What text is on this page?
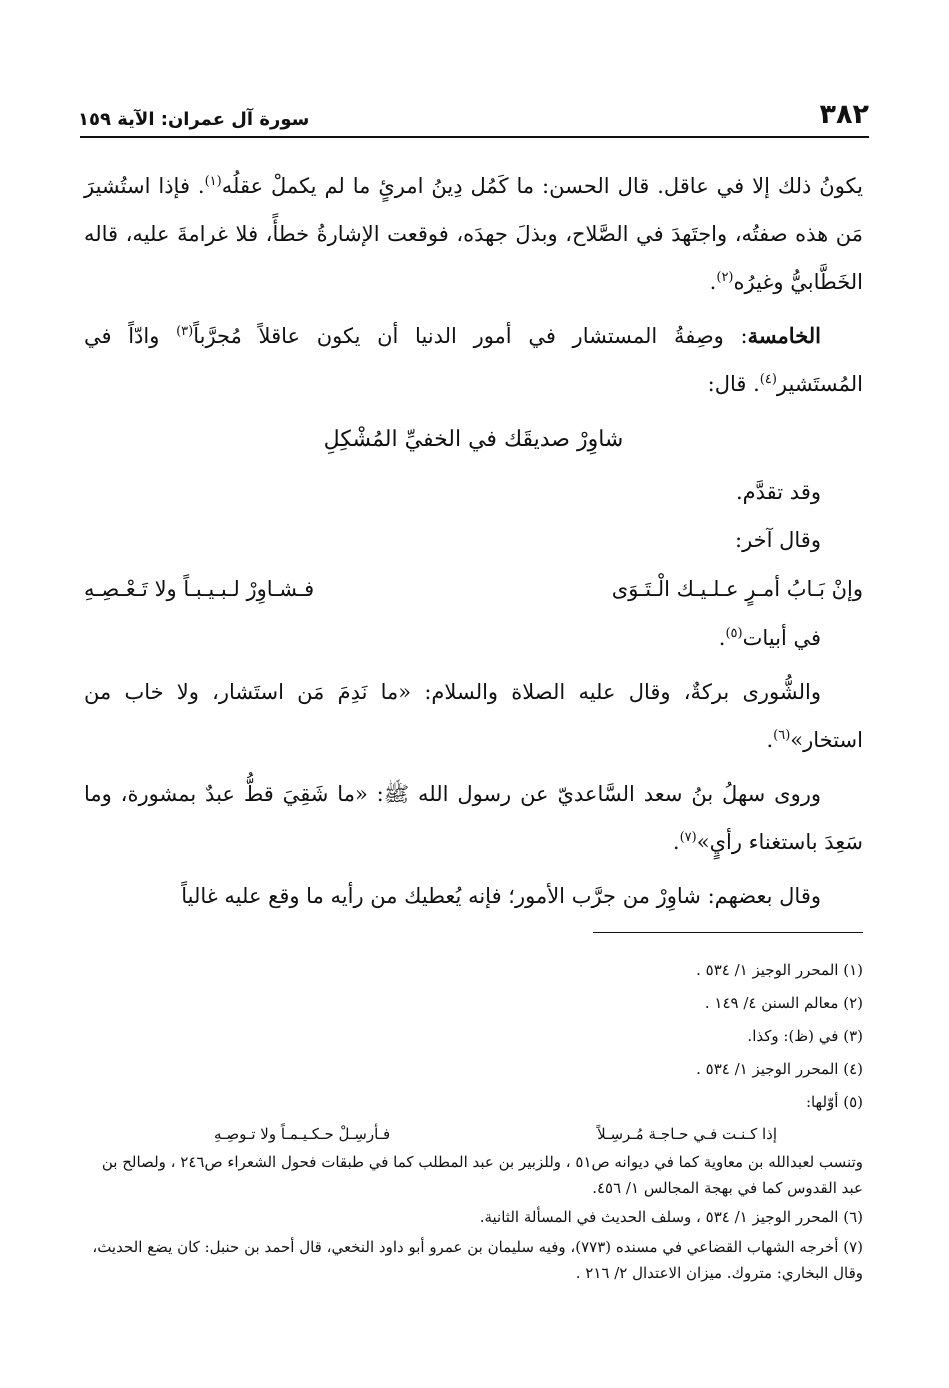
٣٨٢
سورة آل عمران: الآية ١٥٩

يكونُ ذلك إلا في عاقل. قال الحسن: ما كَمُل دِينُ امرئٍ ما لم يكملْ عقلُه$^{(١)}$. فإذا استُشيرَ مَن هذه صفتُه، واجتَهدَ في الصَّلاح، وبذلَ جهدَه، فوقعت الإشارةُ خطأً، فلا غرامةَ عليه، قاله الخَطَّابيُّ وغيرُه$^{(٢)}$.

الخامسة: وصِفةُ المستشار في أمور الدنيا أن يكون عاقلاً مُجرَّباً$^{(٣)}$ وادّاً في المُستَشير$^{(٤)}$. قال:

شاوِرْ صديقَك في الخفيِّ المُشْكِلِ

وقد تقدَّم.

وقال آخر:

وإنْ بَـابُ أمـرٍ عـلـيـك الْـتَـوَى
فـشـاوِرْ لـبـيـبـاً ولا تَـعْـصِـهِ

في أبيات$^{(٥)}$.

والشُّورى بركةٌ، وقال عليه الصلاة والسلام: «ما نَدِمَ مَن استَشار، ولا خاب من استخار»$^{(٦)}$.

وروى سهلُ بنُ سعد السَّاعديّ عن رسول الله ﷺ: «ما شَقِيَ قطُّ عبدٌ بمشورة، وما سَعِدَ باستغناء رأيٍ»$^{(٧)}$.

وقال بعضهم: شاوِرْ من جرَّب الأمور؛ فإنه يُعطيك من رأيه ما وقع عليه غالياً

(١) المحرر الوجيز ١/ ٥٣٤ .

(٢) معالم السنن ٤/ ١٤٩ .

(٣) في (ظ): وكذا.

(٤) المحرر الوجيز ١/ ٥٣٤ .

(٥) أوّلها:

إذا كـنـت فـي حـاجـة مُـرسِـلاً
فـأرسِـلْ حـكـيـمـاً ولا تـوصِـهِ

وتنسب لعبدالله بن معاوية كما في ديوانه ص٥١ ، وللزبير بن عبد المطلب كما في طبقات فحول الشعراء ص٢٤٦ ، ولصالح بن عبد القدوس كما في بهجة المجالس ١/ ٤٥٦.

(٦) المحرر الوجيز ١/ ٥٣٤ ، وسلف الحديث في المسألة الثانية.

(٧) أخرجه الشهاب القضاعي في مسنده (٧٧٣)، وفيه سليمان بن عمرو أبو داود النخعي، قال أحمد بن حنبل: كان يضع الحديث، وقال البخاري: متروك. ميزان الاعتدال ٢/ ٢١٦ .
